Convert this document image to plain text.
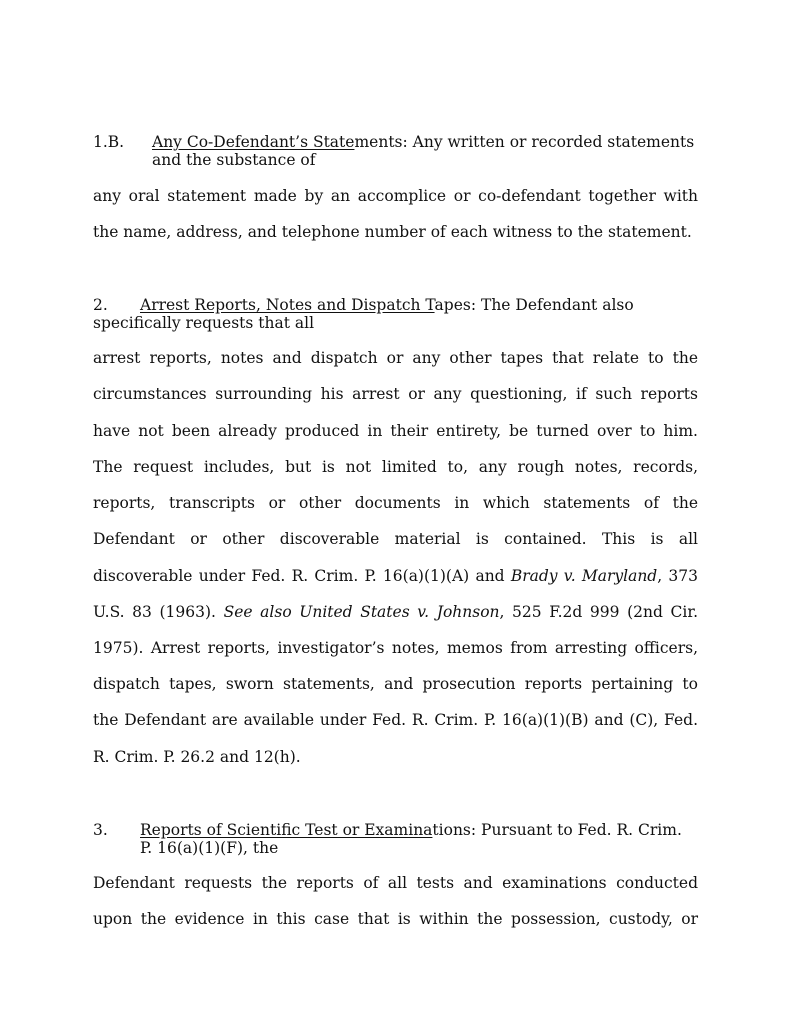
1.B.	Any Co-Defendant’s Statements: Any written or recorded statements
and the substance of
any oral statement made by an accomplice or co-defendant together with
the name, address, and telephone number of each witness to the statement.
2. Arrest Reports, Notes and Dispatch Tapes: The Defendant also
specifically requests that all
arrest reports, notes and dispatch or any other tapes that relate to the
circumstances surrounding his arrest or any questioning, if such reports
have not been already produced in their entirety, be turned over to him.
The request includes, but is not limited to, any rough notes, records,
reports, transcripts or other documents in which statements of the
Defendant or other discoverable material is contained. This is all
discoverable under Fed. R. Crim. P. 16(a)(1)(A) and Brady v. Maryland, 373
U.S. 83 (1963). See also United States v. Johnson, 525 F.2d 999 (2nd Cir.
1975). Arrest reports, investigator’s notes, memos from arresting officers,
dispatch tapes, sworn statements, and prosecution reports pertaining to
the Defendant are available under Fed. R. Crim. P. 16(a)(1)(B) and (C), Fed.
R. Crim. P. 26.2 and 12(h).
3.	Reports of Scientific Test or Examinations: Pursuant to Fed. R. Crim.
P. 16(a)(1)(F), the
Defendant requests the reports of all tests and examinations conducted
upon the evidence in this case that is within the possession, custody, or
